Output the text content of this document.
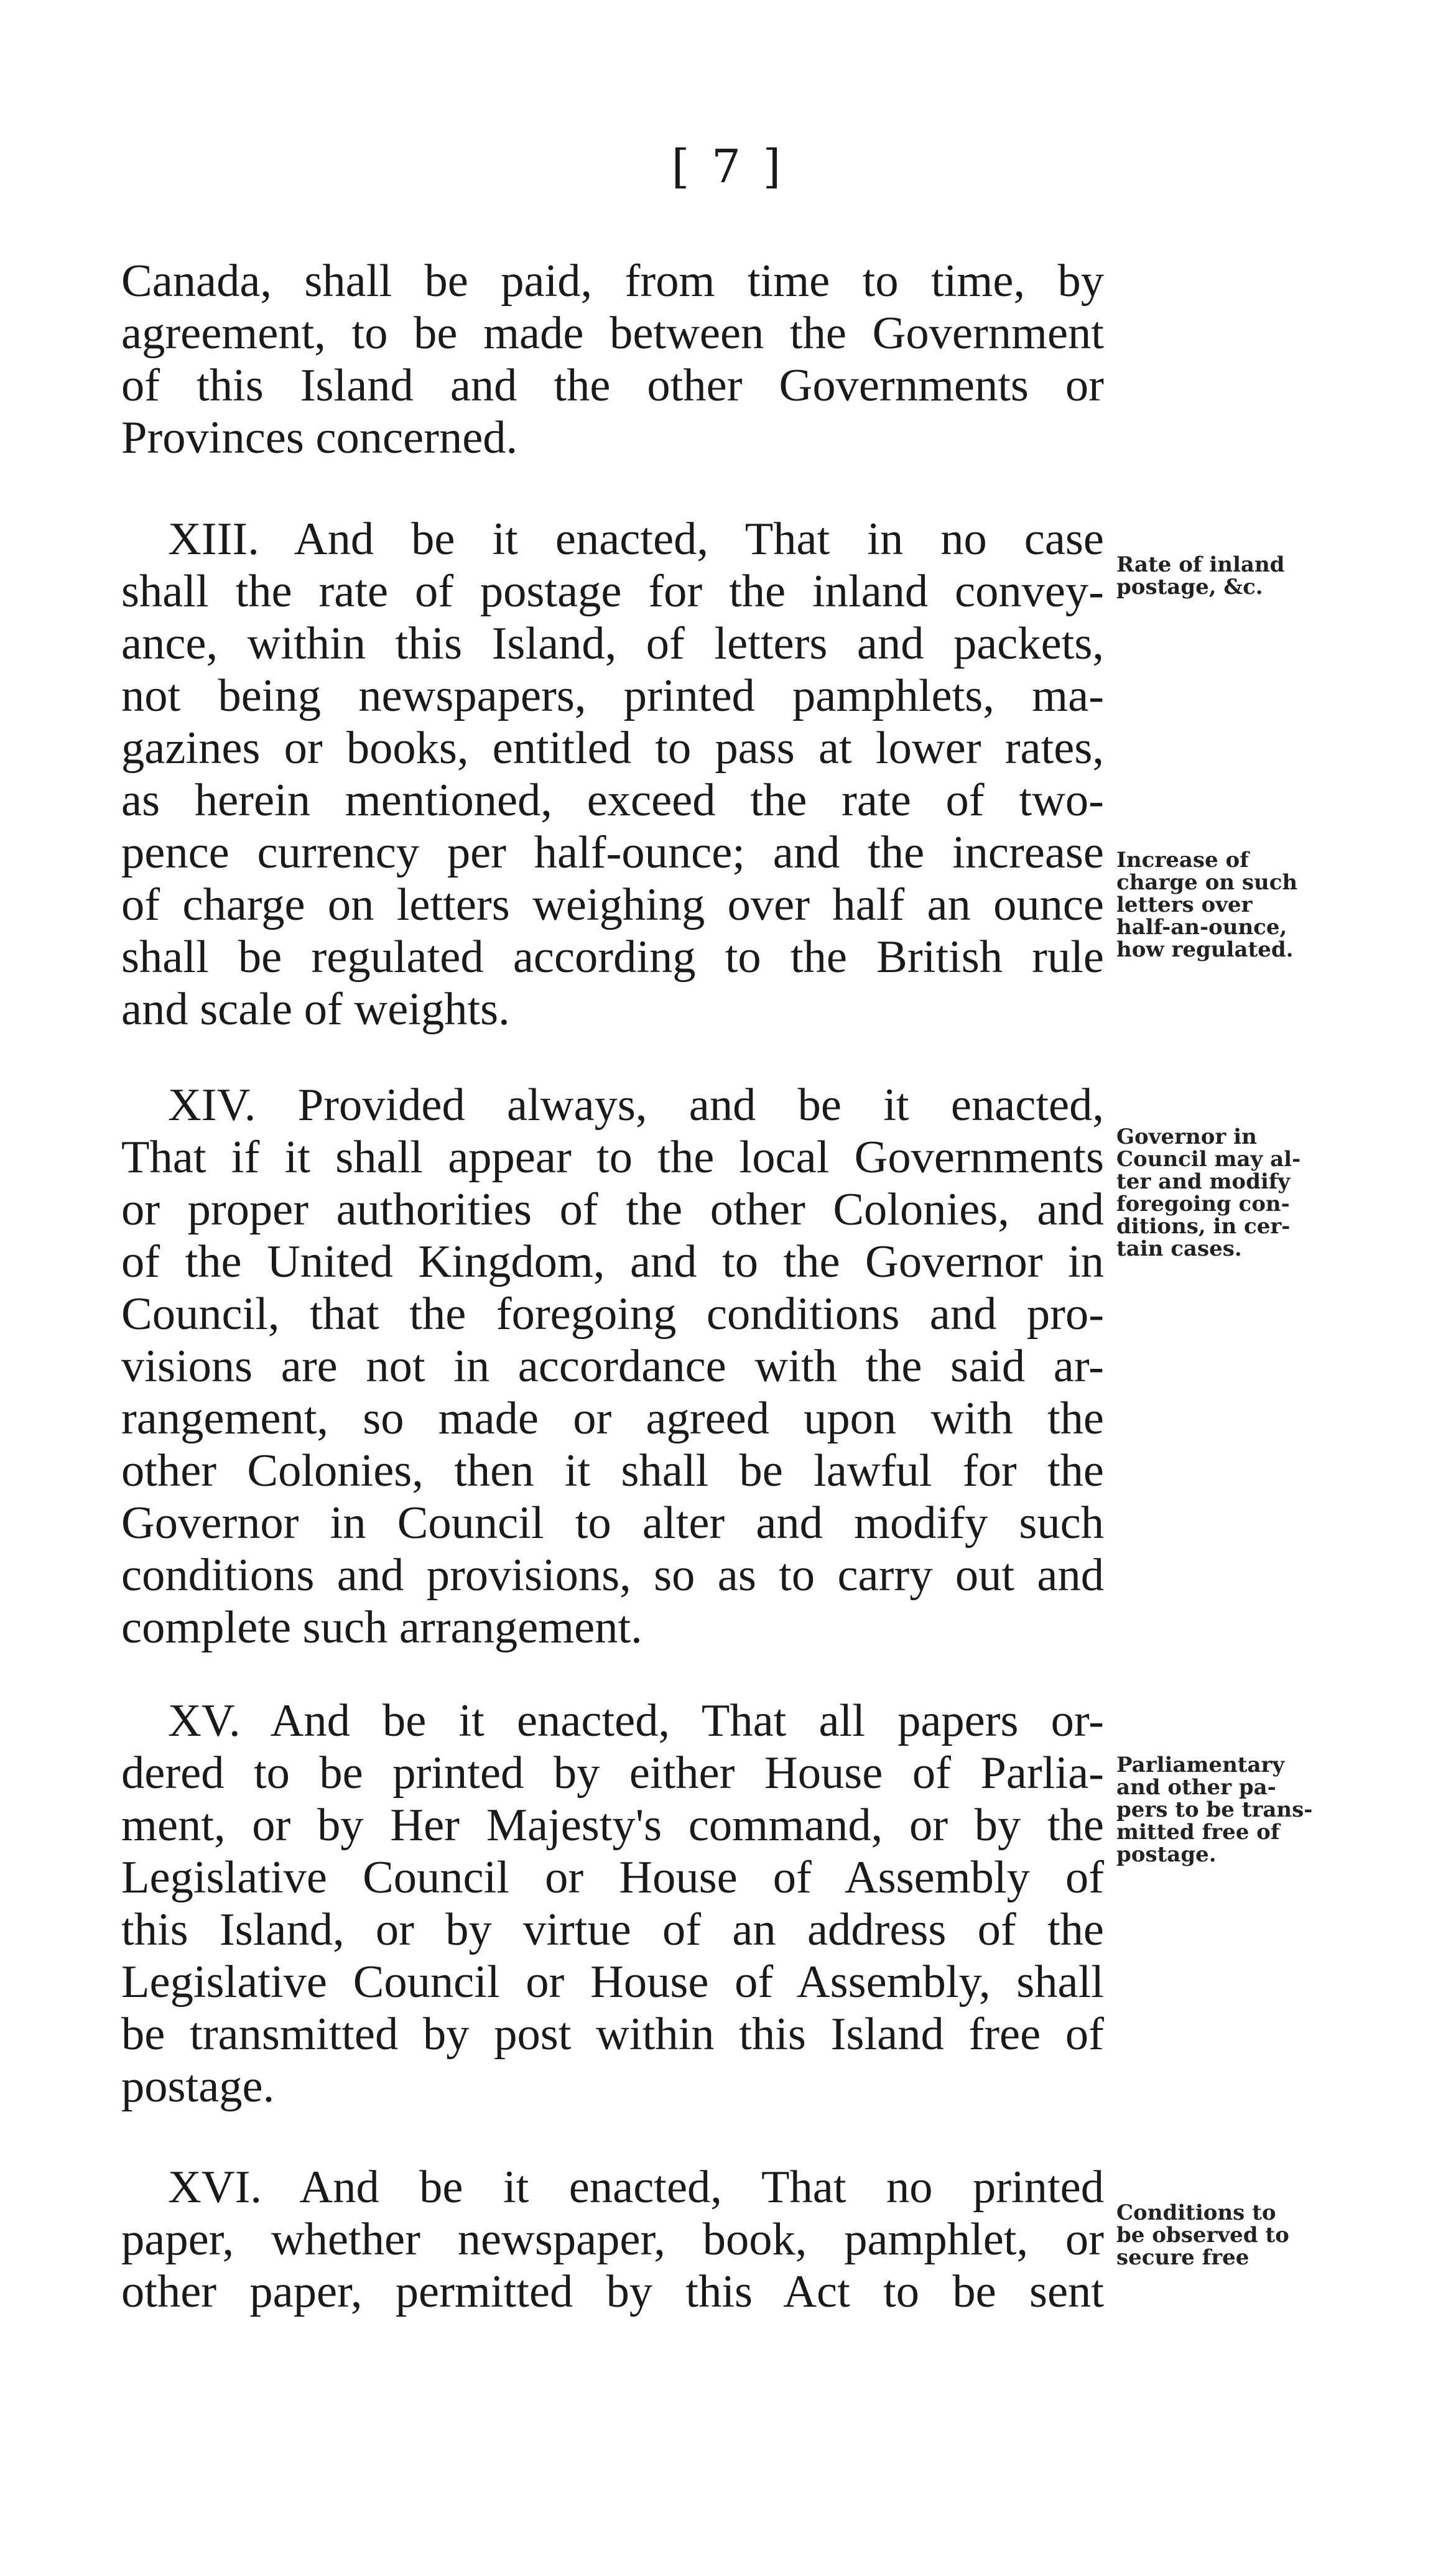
[ 7 ]
Canada, shall be paid, from time to time, by
agreement, to be made between the Government
of this Island and the other Governments or
Provinces concerned.
XIII. And be it enacted, That in no case
shall the rate of postage for the inland convey-
ance, within this Island, of letters and packets,
not being newspapers, printed pamphlets, ma-
gazines or books, entitled to pass at lower rates,
as herein mentioned, exceed the rate of two-
pence currency per half-ounce; and the increase
of charge on letters weighing over half an ounce
shall be regulated according to the British rule
and scale of weights.
XIV. Provided always, and be it enacted,
That if it shall appear to the local Governments
or proper authorities of the other Colonies, and
of the United Kingdom, and to the Governor in
Council, that the foregoing conditions and pro-
visions are not in accordance with the said ar-
rangement, so made or agreed upon with the
other Colonies, then it shall be lawful for the
Governor in Council to alter and modify such
conditions and provisions, so as to carry out and
complete such arrangement.
XV. And be it enacted, That all papers or-
dered to be printed by either House of Parlia-
ment, or by Her Majesty's command, or by the
Legislative Council or House of Assembly of
this Island, or by virtue of an address of the
Legislative Council or House of Assembly, shall
be transmitted by post within this Island free of
postage.
XVI. And be it enacted, That no printed
paper, whether newspaper, book, pamphlet, or
other paper, permitted by this Act to be sent
Rate of inland
postage, &c.
Increase of
charge on such
letters over
half-an-ounce,
how regulated.
Governor in
Council may al-
ter and modify
foregoing con-
ditions, in cer-
tain cases.
Parliamentary
and other pa-
pers to be trans-
mitted free of
postage.
Conditions to
be observed to
secure free
